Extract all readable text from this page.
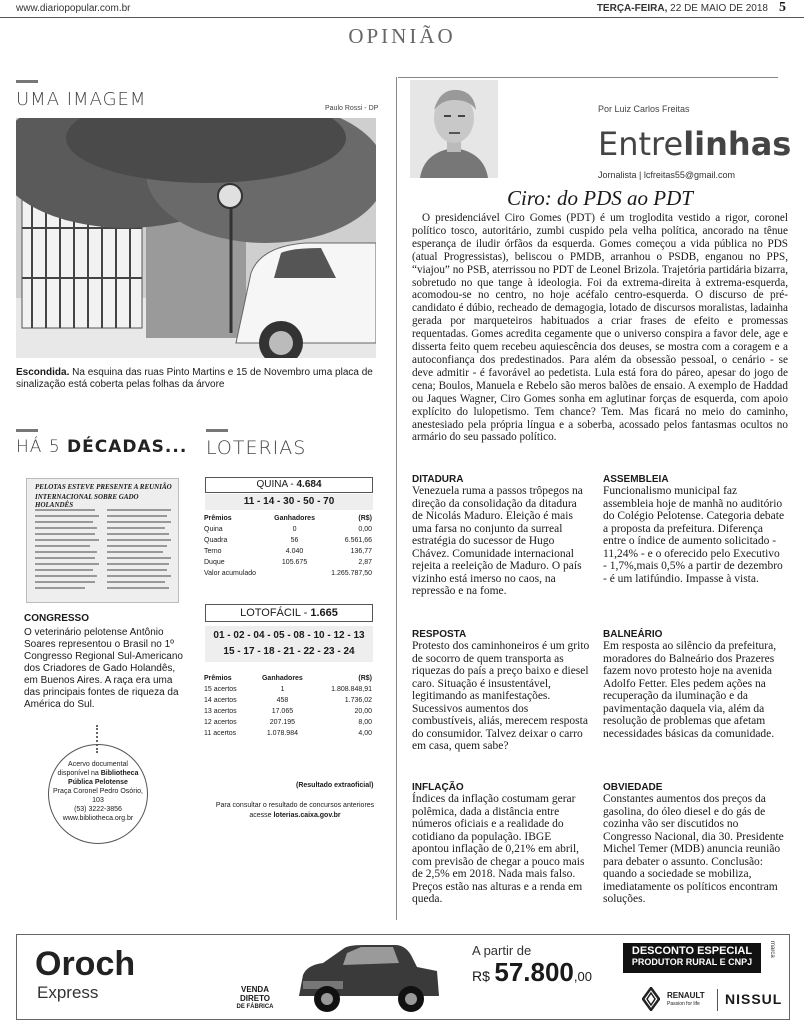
www.diariopopular.com.br	TERÇA-FEIRA, 22 DE MAIO DE 2018 5
OPINIÃO
UMA IMAGEM	Paulo Rossi - DP
Escondida. Na esquina das ruas Pinto Martins e 15 de Novembro uma placa de sinalização está coberta pelas folhas da árvore
HÁ 5 DÉCADAS...
PELOTAS ESTEVE PRESENTE A REUNIÃO
INTERNACIONAL SOBRE GADO HOLANDÊS
CONGRESSO
O veterinário pelotense Antônio Soares representou o Brasil no 1º Congresso Regional Sul-Americano dos Criadores de Gado Holandês, em Buenos Aires. A raça era uma das principais fontes de riqueza da América do Sul.
Acervo documental
disponível na Bibliotheca
Pública Pelotense
Praça Coronel Pedro Osório, 103
(53) 3222-3856
www.bibliotheca.org.br
LOTERIAS
QUINA - 4.684
11 - 14 - 30 - 50 - 70
Prêmios	Ganhadores	(R$)
Quina	0	0,00
Quadra	56	6.561,66
Terno	4.040	136,77
Duque	105.675	2,87
Valor acumulado		1.265.787,50
LOTOFÁCIL - 1.665
01 - 02 - 04 - 05 - 08 - 10 - 12 - 13
15 - 17 - 18 - 21 - 22 - 23 - 24
Prêmios	Ganhadores	(R$)
15 acertos	1	1.808.848,91
14 acertos	458	1.736,02
13 acertos	17.065	20,00
12 acertos	207.195	8,00
11 acertos	1.078.984	4,00
(Resultado extraoficial)
Para consultar o resultado de concursos anteriores acesse loterias.caixa.gov.br
Por Luiz Carlos Freitas
Entrelinhas
Jornalista | lcfreitas55@gmail.com
Ciro: do PDS ao PDT
O presidenciável Ciro Gomes (PDT) é um troglodita vestido a rigor, coronel político tosco, autoritário, zumbi cuspido pela velha política, ancorado na tênue esperança de iludir órfãos da esquerda. Gomes começou a vida pública no PDS (atual Progressistas), beliscou o PMDB, arranhou o PSDB, enganou no PPS, “viajou” no PSB, aterrissou no PDT de Leonel Brizola. Trajetória partidária bizarra, sobretudo no que tange à ideologia. Foi da extrema-direita à extrema-esquerda, acomodou-se no centro, no hoje acéfalo centro-esquerda. O discurso de pré-candidato é dúbio, recheado de demagogia, lotado de discursos moralistas, ladainha gerada por marqueteiros habituados a criar frases de efeito e promessas requentadas. Gomes acredita cegamente que o universo conspira a favor dele, age e disserta feito quem recebeu aquiescência dos deuses, se mostra com a coragem e a autoconfiança dos predestinados. Para além da obsessão pessoal, o cenário - se deve admitir - é favorável ao pedetista. Lula está fora do páreo, apesar do jogo de cena; Boulos, Manuela e Rebelo são meros balões de ensaio. A exemplo de Haddad ou Jaques Wagner, Ciro Gomes sonha em aglutinar forças de esquerda, com apoio explícito do lulopetismo. Tem chance? Tem. Mas ficará no meio do caminho, anestesiado pela própria língua e a soberba, acossado pelos fantasmas ocultos no armário do seu passado político.
DITADURA
Venezuela ruma a passos trôpegos na direção da consolidação da ditadura de Nicolás Maduro. Eleição é mais uma farsa no conjunto da surreal estratégia do sucessor de Hugo Chávez. Comunidade internacional rejeita a reeleição de Maduro. O país vizinho está imerso no caos, na repressão e na fome.
RESPOSTA
Protesto dos caminhoneiros é um grito de socorro de quem transporta as riquezas do país a preço baixo e diesel caro. Situação é insustentável, legitimando as manifestações. Sucessivos aumentos dos combustíveis, aliás, merecem resposta do consumidor. Talvez deixar o carro em casa, quem sabe?
INFLAÇÃO
Índices da inflação costumam gerar polêmica, dada a distância entre números oficiais e a realidade do cotidiano da população. IBGE apontou inflação de 0,21% em abril, com previsão de chegar a pouco mais de 2,5% em 2018. Nada mais falso. Preços estão nas alturas e a renda em queda.
ASSEMBLEIA
Funcionalismo municipal faz assembleia hoje de manhã no auditório do Colégio Pelotense. Categoria debate a proposta da prefeitura. Diferença entre o índice de aumento solicitado - 11,24% - e o oferecido pelo Executivo - 1,7%,mais 0,5% a partir de dezembro - é um latifúndio. Impasse à vista.
BALNEÁRIO
Em resposta ao silêncio da prefeitura, moradores do Balneário dos Prazeres fazem novo protesto hoje na avenida Adolfo Fetter. Eles pedem ações na recuperação da iluminação e da pavimentação daquela via, além da resolução de problemas que afetam necessidades básicas da comunidade.
OBVIEDADE
Constantes aumentos dos preços da gasolina, do óleo diesel e do gás de cozinha vão ser discutidos no Congresso Nacional, dia 30. Presidente Michel Temer (MDB) anuncia reunião para debater o assunto. Conclusão: quando a sociedade se mobiliza, imediatamente os políticos encontram soluções.
Oroch
Express	VENDA
DIRETO
DE FÁBRICA
A partir de
R$ 57.800,00
DESCONTO ESPECIAL
PRODUTOR RURAL E CNPJ
marca
RENAULT
Passion for life NISSUL
